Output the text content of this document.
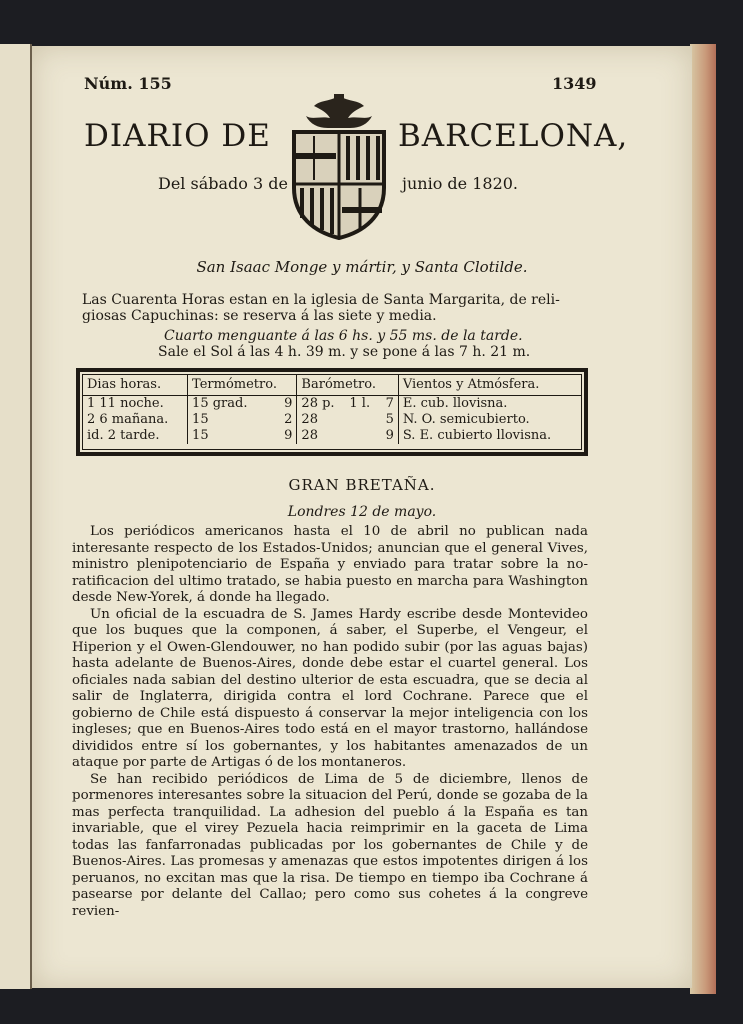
Núm. 155	1349
DIARIO DE	BARCELONA,
Del sábado 3 de	junio de 1820.
San Isaac Monge y mártir, y Santa Clotilde.
Las Cuarenta Horas estan en la iglesia de Santa Margarita, de reli-
giosas Capuchinas: se reserva á las siete y media.
Cuarto menguante á las 6 hs. y 55 ms. de la tarde.
Sale el Sol á las 4 h. 39 m. y se pone á las 7 h. 21 m.
Dias horas.	Termómetro.		Barómetro.			Vientos y Atmósfera.
1 11 noche.	15 grad.	9	28 p.	1 l.	7	E. cub. llovisna.
2 6 mañana.	15	2	28		5	N. O. semicubierto.
id. 2 tarde.	15	9	28		9	S. E. cubierto llovisna.
GRAN BRETAÑA.
Londres 12 de mayo.

Los periódicos americanos hasta el 10 de abril no publican nada interesante respecto de los Estados-Unidos; anuncian que el general Vives, ministro plenipotenciario de España y enviado para tratar sobre la no-ratificacion del ultimo tratado, se habia puesto en marcha para Washington desde New-Yorek, á donde ha llegado.

Un oficial de la escuadra de S. James Hardy escribe desde Montevideo que los buques que la componen, á saber, el Superbe, el Vengeur, el Hiperion y el Owen-Glendouwer, no han podido subir (por las aguas bajas) hasta adelante de Buenos-Aires, donde debe estar el cuartel general. Los oficiales nada sabian del destino ulterior de esta escuadra, que se decia al salir de Inglaterra, dirigida contra el lord Cochrane. Parece que el gobierno de Chile está dispuesto á conservar la mejor inteligencia con los ingleses; que en Buenos-Aires todo está en el mayor trastorno, hallándose divididos entre sí los gobernantes, y los habitantes amenazados de un ataque por parte de Artigas ó de los montaneros.

Se han recibido periódicos de Lima de 5 de diciembre, llenos de pormenores interesantes sobre la situacion del Perú, donde se gozaba de la mas perfecta tranquilidad. La adhesion del pueblo á la España es tan invariable, que el virey Pezuela hacia reimprimir en la gaceta de Lima todas las fanfarronadas publicadas por los gobernantes de Chile y de Buenos-Aires. Las promesas y amenazas que estos impotentes dirigen á los peruanos, no excitan mas que la risa. De tiempo en tiempo iba Cochrane á pasearse por delante del Callao; pero como sus cohetes á la congreve revien-
